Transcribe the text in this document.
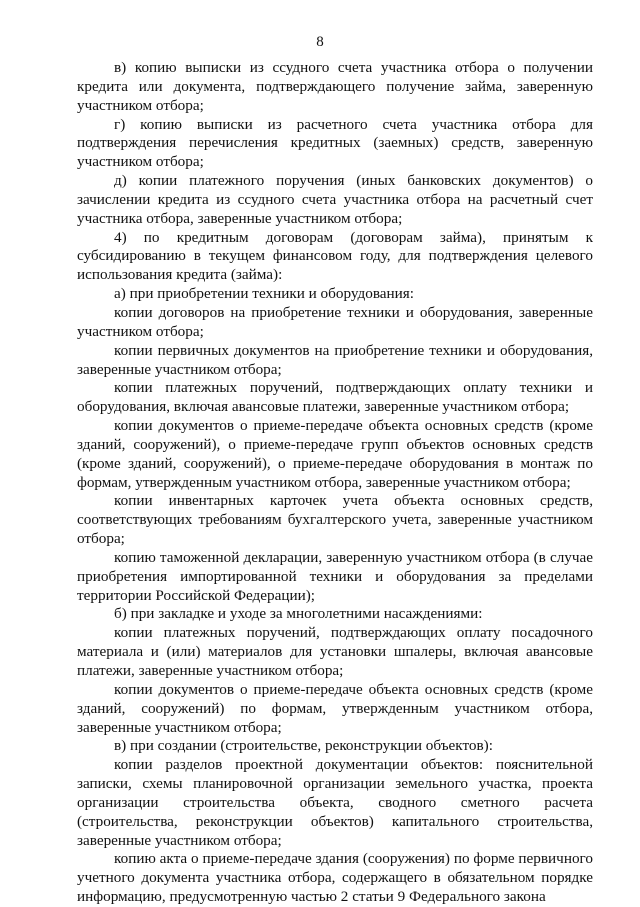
8

в) копию выписки из ссудного счета участника отбора о получении кредита или документа, подтверждающего получение займа, заверенную участником отбора;

г) копию выписки из расчетного счета участника отбора для подтверждения перечисления кредитных (заемных) средств, заверенную участником отбора;

д) копии платежного поручения (иных банковских документов) о зачислении кредита из ссудного счета участника отбора на расчетный счет участника отбора, заверенные участником отбора;

4) по кредитным договорам (договорам займа), принятым к субсидированию в текущем финансовом году, для подтверждения целевого использования кредита (займа):

а) при приобретении техники и оборудования:

копии договоров на приобретение техники и оборудования, заверенные участником отбора;

копии первичных документов на приобретение техники и оборудования, заверенные участником отбора;

копии платежных поручений, подтверждающих оплату техники и оборудования, включая авансовые платежи, заверенные участником отбора;

копии документов о приеме-передаче объекта основных средств (кроме зданий, сооружений), о приеме-передаче групп объектов основных средств (кроме зданий, сооружений), о приеме-передаче оборудования в монтаж по формам, утвержденным участником отбора, заверенные участником отбора;

копии инвентарных карточек учета объекта основных средств, соответствующих требованиям бухгалтерского учета, заверенные участником отбора;

копию таможенной декларации, заверенную участником отбора (в случае приобретения импортированной техники и оборудования за пределами территории Российской Федерации);

б) при закладке и уходе за многолетними насаждениями:

копии платежных поручений, подтверждающих оплату посадочного материала и (или) материалов для установки шпалеры, включая авансовые платежи, заверенные участником отбора;

копии документов о приеме-передаче объекта основных средств (кроме зданий, сооружений) по формам, утвержденным участником отбора, заверенные участником отбора;

в) при создании (строительстве, реконструкции объектов):

копии разделов проектной документации объектов: пояснительной записки, схемы планировочной организации земельного участка, проекта организации строительства объекта, сводного сметного расчета (строительства, реконструкции объектов) капитального строительства, заверенные участником отбора;

копию акта о приеме-передаче здания (сооружения) по форме первичного учетного документа участника отбора, содержащего в обязательном порядке информацию, предусмотренную частью 2 статьи 9 Федерального закона
